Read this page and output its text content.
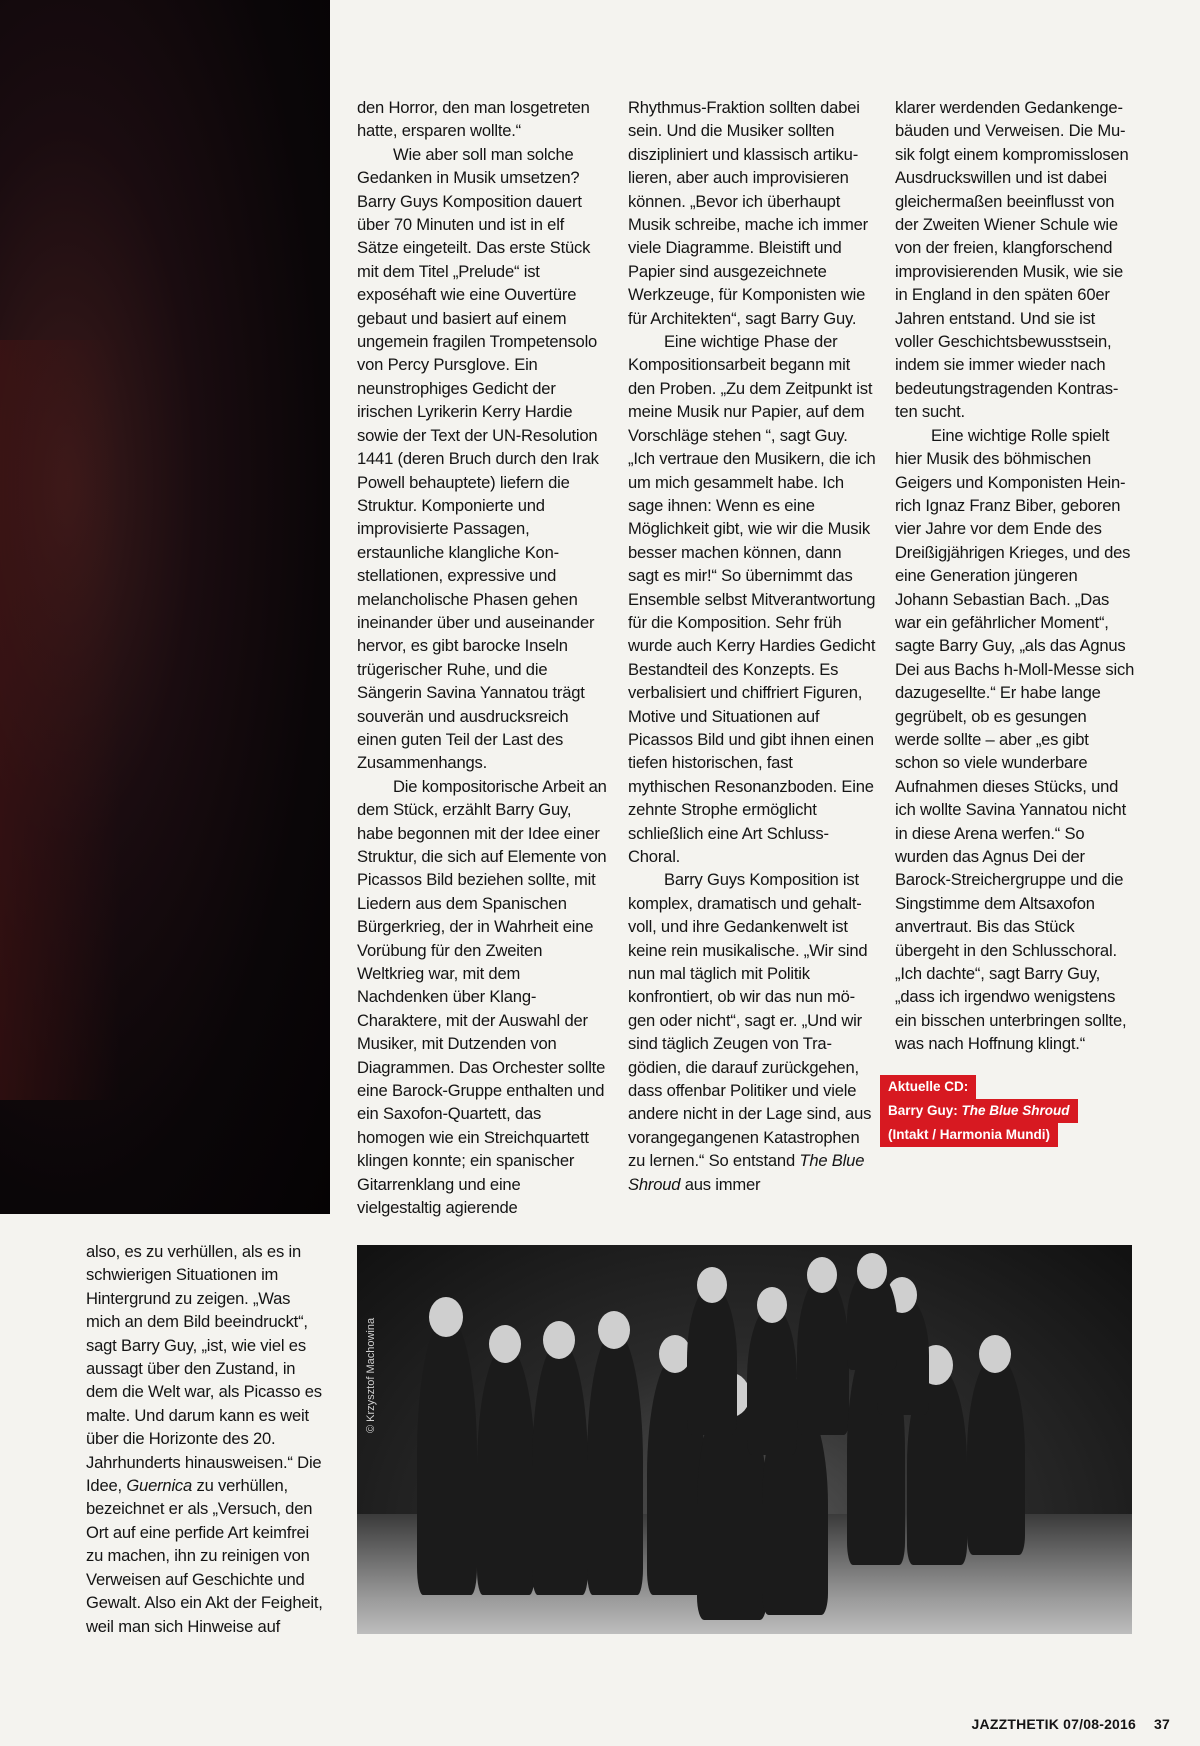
den Horror, den man losgetreten hatte, ersparen wollte.“

Wie aber soll man solche Gedanken in Musik umsetzen? Barry Guys Komposition dauert über 70 Minuten und ist in elf Sätze eingeteilt. Das erste Stück mit dem Titel „Prelude“ ist exposéhaft wie eine Ouvertüre gebaut und basiert auf einem ungemein fragilen Trompetensolo von Percy Pursglove. Ein neunstrophiges Gedicht der irischen Lyrikerin Kerry Hardie sowie der Text der UN-Resolution 1441 (deren Bruch durch den Irak Powell behauptete) liefern die Struktur. Komponierte und improvisierte Passagen, erstaunliche klangliche Konstellationen, expressive und melancholische Phasen gehen ineinander über und auseinander hervor, es gibt barocke Inseln trügerischer Ruhe, und die Sängerin Savina Yannatou trägt souverän und ausdrucksreich einen guten Teil der Last des Zusammenhangs.

Die kompositorische Arbeit an dem Stück, erzählt Barry Guy, habe begonnen mit der Idee einer Struktur, die sich auf Elemente von Picassos Bild beziehen sollte, mit Liedern aus dem Spanischen Bürgerkrieg, der in Wahrheit eine Vorübung für den Zweiten Weltkrieg war, mit dem Nachdenken über Klang-Charaktere, mit der Auswahl der Musiker, mit Dutzenden von Diagrammen. Das Orchester sollte eine Barock-Gruppe enthalten und ein Saxofon-Quartett, das homogen wie ein Streichquartett klingen konnte; ein spanischer Gitarrenklang und eine vielgestaltig agierende

Rhythmus-Fraktion sollten dabei sein. Und die Musiker sollten diszipliniert und klassisch artikulieren, aber auch improvisieren können. „Bevor ich überhaupt Musik schreibe, mache ich immer viele Diagramme. Bleistift und Papier sind ausgezeichnete Werkzeuge, für Komponisten wie für Architekten“, sagt Barry Guy.

Eine wichtige Phase der Kompositionsarbeit begann mit den Proben. „Zu dem Zeitpunkt ist meine Musik nur Papier, auf dem Vorschläge stehen “, sagt Guy. „Ich vertraue den Musikern, die ich um mich gesammelt habe. Ich sage ihnen: Wenn es eine Möglichkeit gibt, wie wir die Musik besser machen können, dann sagt es mir!“ So übernimmt das Ensemble selbst Mitverantwortung für die Komposition. Sehr früh wurde auch Kerry Hardies Gedicht Bestandteil des Konzepts. Es verbalisiert und chiffriert Figuren, Motive und Situationen auf Picassos Bild und gibt ihnen einen tiefen historischen, fast mythischen Resonanzboden. Eine zehnte Strophe ermöglicht schließlich eine Art Schluss-Choral.

Barry Guys Komposition ist komplex, dramatisch und gehaltvoll, und ihre Gedankenwelt ist keine rein musikalische. „Wir sind nun mal täglich mit Politik konfrontiert, ob wir das nun mögen oder nicht“, sagt er. „Und wir sind täglich Zeugen von Tragödien, die darauf zurückgehen, dass offenbar Politiker und viele andere nicht in der Lage sind, aus vorangegangenen Katastrophen zu lernen.“ So entstand The Blue Shroud aus immer

klarer werdenden Gedankengebäuden und Verweisen. Die Musik folgt einem kompromisslosen Ausdruckswillen und ist dabei gleichermaßen beeinflusst von der Zweiten Wiener Schule wie von der freien, klangforschend improvisierenden Musik, wie sie in England in den späten 60er Jahren entstand. Und sie ist voller Geschichtsbewusstsein, indem sie immer wieder nach bedeutungstragenden Kontrasten sucht.

Eine wichtige Rolle spielt hier Musik des böhmischen Geigers und Komponisten Heinrich Ignaz Franz Biber, geboren vier Jahre vor dem Ende des Dreißigjährigen Krieges, und des eine Generation jüngeren Johann Sebastian Bach. „Das war ein gefährlicher Moment“, sagte Barry Guy, „als das Agnus Dei aus Bachs h-Moll-Messe sich dazugesellte.“ Er habe lange gegrübelt, ob es gesungen werde sollte – aber „es gibt schon so viele wunderbare Aufnahmen dieses Stücks, und ich wollte Savina Yannatou nicht in diese Arena werfen.“ So wurden das Agnus Dei der Barock-Streichergruppe und die Singstimme dem Altsaxofon anvertraut. Bis das Stück übergeht in den Schlusschoral. „Ich dachte“, sagt Barry Guy, „dass ich irgendwo wenigstens ein bisschen unterbringen sollte, was nach Hoffnung klingt.“

Aktuelle CD:
Barry Guy: The Blue Shroud
(Intakt / Harmonia Mundi)

also, es zu verhüllen, als es in schwierigen Situationen im Hintergrund zu zeigen. „Was mich an dem Bild beeindruckt“, sagt Barry Guy, „ist, wie viel es aussagt über den Zustand, in dem die Welt war, als Picasso es malte. Und darum kann es weit über die Horizonte des 20. Jahrhunderts hinausweisen.“ Die Idee, Guernica zu verhüllen, bezeichnet er als „Versuch, den Ort auf eine perfide Art keimfrei zu machen, ihn zu reinigen von Verweisen auf Geschichte und Gewalt. Also ein Akt der Feigheit, weil man sich Hinweise auf

© Krzysztof Machowina
JAZZTHETIK 07/08-2016 37
